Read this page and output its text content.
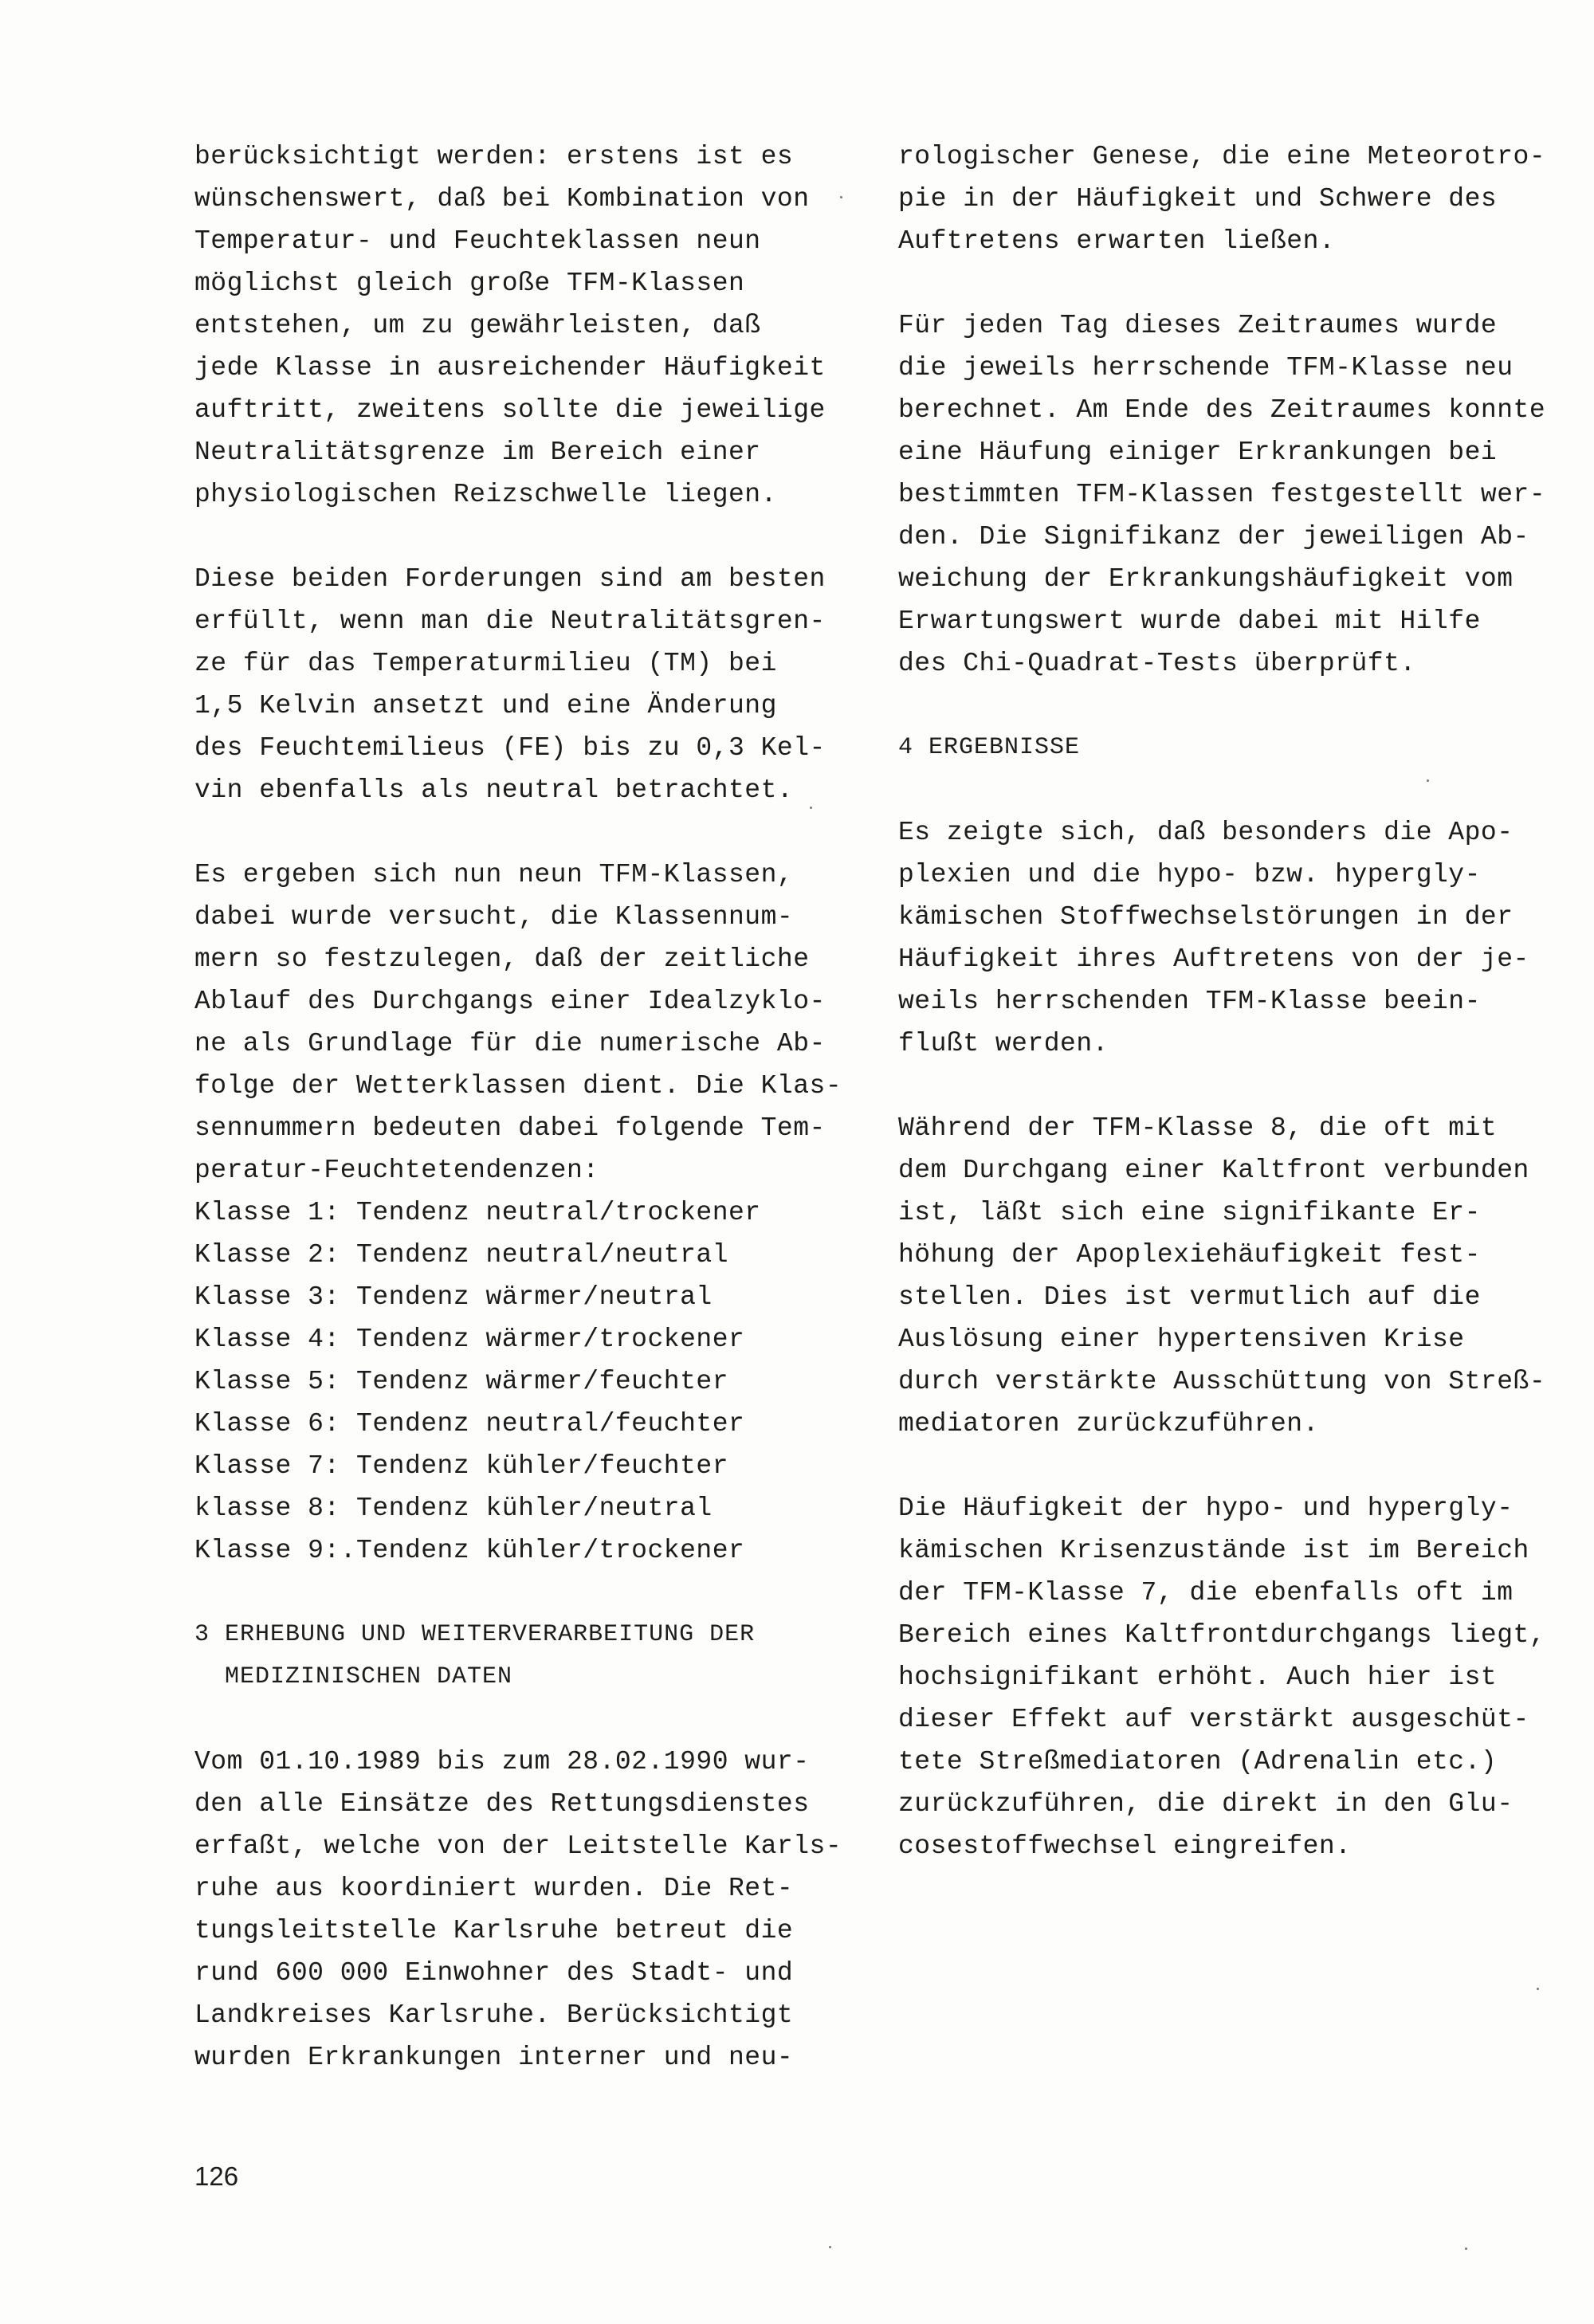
berücksichtigt werden: erstens ist es
wünschenswert, daß bei Kombination von
Temperatur- und Feuchteklassen neun
möglichst gleich große TFM-Klassen
entstehen, um zu gewährleisten, daß
jede Klasse in ausreichender Häufigkeit
auftritt, zweitens sollte die jeweilige
Neutralitätsgrenze im Bereich einer
physiologischen Reizschwelle liegen.
Diese beiden Forderungen sind am besten
erfüllt, wenn man die Neutralitätsgren-
ze für das Temperaturmilieu (TM) bei
1,5 Kelvin ansetzt und eine Änderung
des Feuchtemilieus (FE) bis zu 0,3 Kel-
vin ebenfalls als neutral betrachtet.
Es ergeben sich nun neun TFM-Klassen,
dabei wurde versucht, die Klassennum-
mern so festzulegen, daß der zeitliche
Ablauf des Durchgangs einer Idealzyklo-
ne als Grundlage für die numerische Ab-
folge der Wetterklassen dient. Die Klas-
sennummern bedeuten dabei folgende Tem-
peratur-Feuchtetendenzen:
Klasse 1: Tendenz neutral/trockener
Klasse 2: Tendenz neutral/neutral
Klasse 3: Tendenz wärmer/neutral
Klasse 4: Tendenz wärmer/trockener
Klasse 5: Tendenz wärmer/feuchter
Klasse 6: Tendenz neutral/feuchter
Klasse 7: Tendenz kühler/feuchter
klasse 8: Tendenz kühler/neutral
Klasse 9:.Tendenz kühler/trockener
3 ERHEBUNG UND WEITERVERARBEITUNG DER
MEDIZINISCHEN DATEN
Vom 01.10.1989 bis zum 28.02.1990 wur-
den alle Einsätze des Rettungsdienstes
erfaßt, welche von der Leitstelle Karls-
ruhe aus koordiniert wurden. Die Ret-
tungsleitstelle Karlsruhe betreut die
rund 600 000 Einwohner des Stadt- und
Landkreises Karlsruhe. Berücksichtigt
wurden Erkrankungen interner und neu-
rologischer Genese, die eine Meteorotro-
pie in der Häufigkeit und Schwere des
Auftretens erwarten ließen.
Für jeden Tag dieses Zeitraumes wurde
die jeweils herrschende TFM-Klasse neu
berechnet. Am Ende des Zeitraumes konnte
eine Häufung einiger Erkrankungen bei
bestimmten TFM-Klassen festgestellt wer-
den. Die Signifikanz der jeweiligen Ab-
weichung der Erkrankungshäufigkeit vom
Erwartungswert wurde dabei mit Hilfe
des Chi-Quadrat-Tests überprüft.
4 ERGEBNISSE
Es zeigte sich, daß besonders die Apo-
plexien und die hypo- bzw. hypergly-
kämischen Stoffwechselstörungen in der
Häufigkeit ihres Auftretens von der je-
weils herrschenden TFM-Klasse beein-
flußt werden.
Während der TFM-Klasse 8, die oft mit
dem Durchgang einer Kaltfront verbunden
ist, läßt sich eine signifikante Er-
höhung der Apoplexiehäufigkeit fest-
stellen. Dies ist vermutlich auf die
Auslösung einer hypertensiven Krise
durch verstärkte Ausschüttung von Streß-
mediatoren zurückzuführen.
Die Häufigkeit der hypo- und hypergly-
kämischen Krisenzustände ist im Bereich
der TFM-Klasse 7, die ebenfalls oft im
Bereich eines Kaltfrontdurchgangs liegt,
hochsignifikant erhöht. Auch hier ist
dieser Effekt auf verstärkt ausgeschüt-
tete Streßmediatoren (Adrenalin etc.)
zurückzuführen, die direkt in den Glu-
cosestoffwechsel eingreifen.
126
